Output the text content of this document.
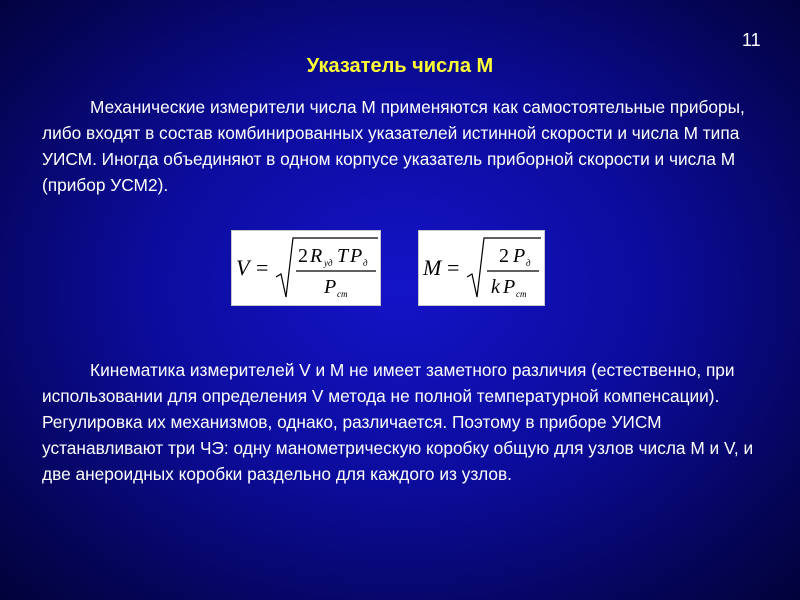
11
Указатель числа М

Механические измерители числа М применяются как самостоятельные приборы, либо входят в состав комбинированных указателей истинной скорости и числа М типа УИСМ. Иногда объединяют в одном корпусе указатель приборной скорости и числа М (прибор УСМ2).

V = 2 R уд T P д
P ст
M = 2 P д
k P ст

Кинематика измерителей V и М не имеет заметного различия (естественно, при использовании для определения V метода не полной температурной компенсации). Регулировка их механизмов, однако, различается. Поэтому в приборе УИСМ устанавливают три ЧЭ: одну манометрическую коробку общую для узлов числа М и V, и две анероидных коробки раздельно для каждого из узлов.
